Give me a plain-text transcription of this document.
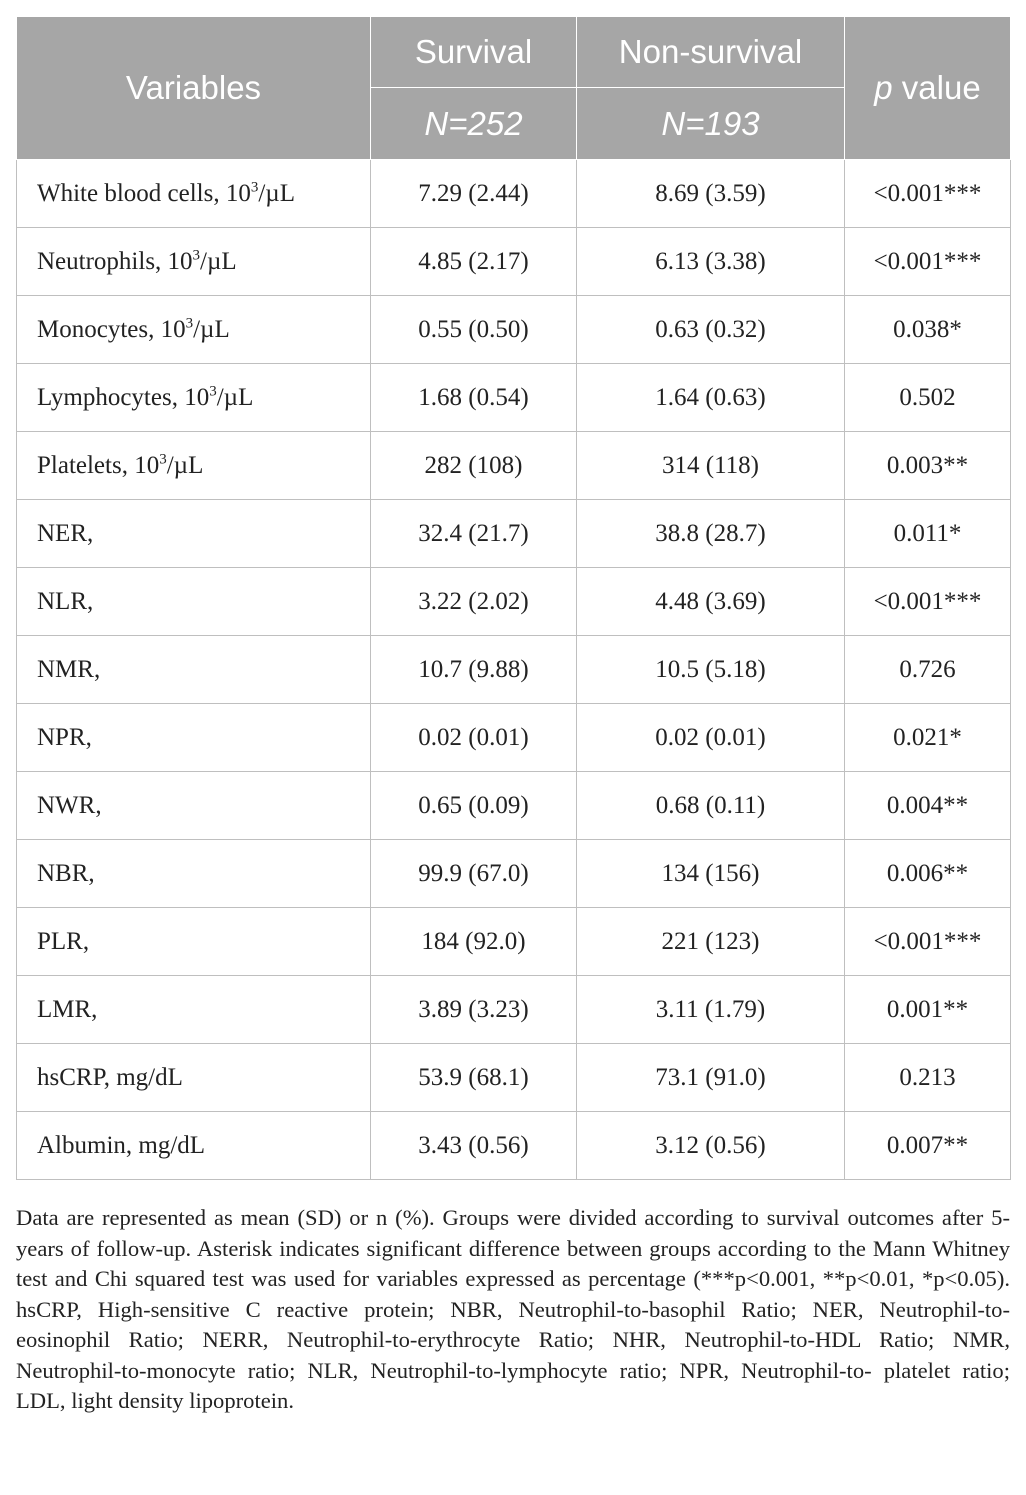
Variables	Survival	Non-survival	p value
	N=252	N=193	
White blood cells, $10^3/\mu L$	7.29 (2.44)	8.69 (3.59)	<0.001***
Neutrophils, $10^3/\mu L$	4.85 (2.17)	6.13 (3.38)	<0.001***
Monocytes, $10^3/\mu L$	0.55 (0.50)	0.63 (0.32)	0.038*
Lymphocytes, $10^3/\mu L$	1.68 (0.54)	1.64 (0.63)	0.502
Platelets, $10^3/\mu L$	282 (108)	314 (118)	0.003**
NER,	32.4 (21.7)	38.8 (28.7)	0.011*
NLR,	3.22 (2.02)	4.48 (3.69)	<0.001***
NMR,	10.7 (9.88)	10.5 (5.18)	0.726
NPR,	0.02 (0.01)	0.02 (0.01)	0.021*
NWR,	0.65 (0.09)	0.68 (0.11)	0.004**
NBR,	99.9 (67.0)	134 (156)	0.006**
PLR,	184 (92.0)	221 (123)	<0.001***
LMR,	3.89 (3.23)	3.11 (1.79)	0.001**
hsCRP, mg/dL	53.9 (68.1)	73.1 (91.0)	0.213
Albumin, mg/dL	3.43 (0.56)	3.12 (0.56)	0.007**

Data are represented as mean (SD) or n (%). Groups were divided according to survival outcomes after 5-years of follow-up. Asterisk indicates significant difference between groups according to the Mann Whitney test and Chi squared test was used for variables expressed as percentage (***p<0.001, **p<0.01, *p<0.05). hsCRP, High-sensitive C reactive protein; NBR, Neutrophil-to-basophil Ratio; NER, Neutrophil-to-eosinophil Ratio; NERR, Neutrophil-to-erythrocyte Ratio; NHR, Neutrophil-to-HDL Ratio; NMR, Neutrophil-to-monocyte ratio; NLR, Neutrophil-to-lymphocyte ratio; NPR, Neutrophil-to- platelet ratio; LDL, light density lipoprotein.
